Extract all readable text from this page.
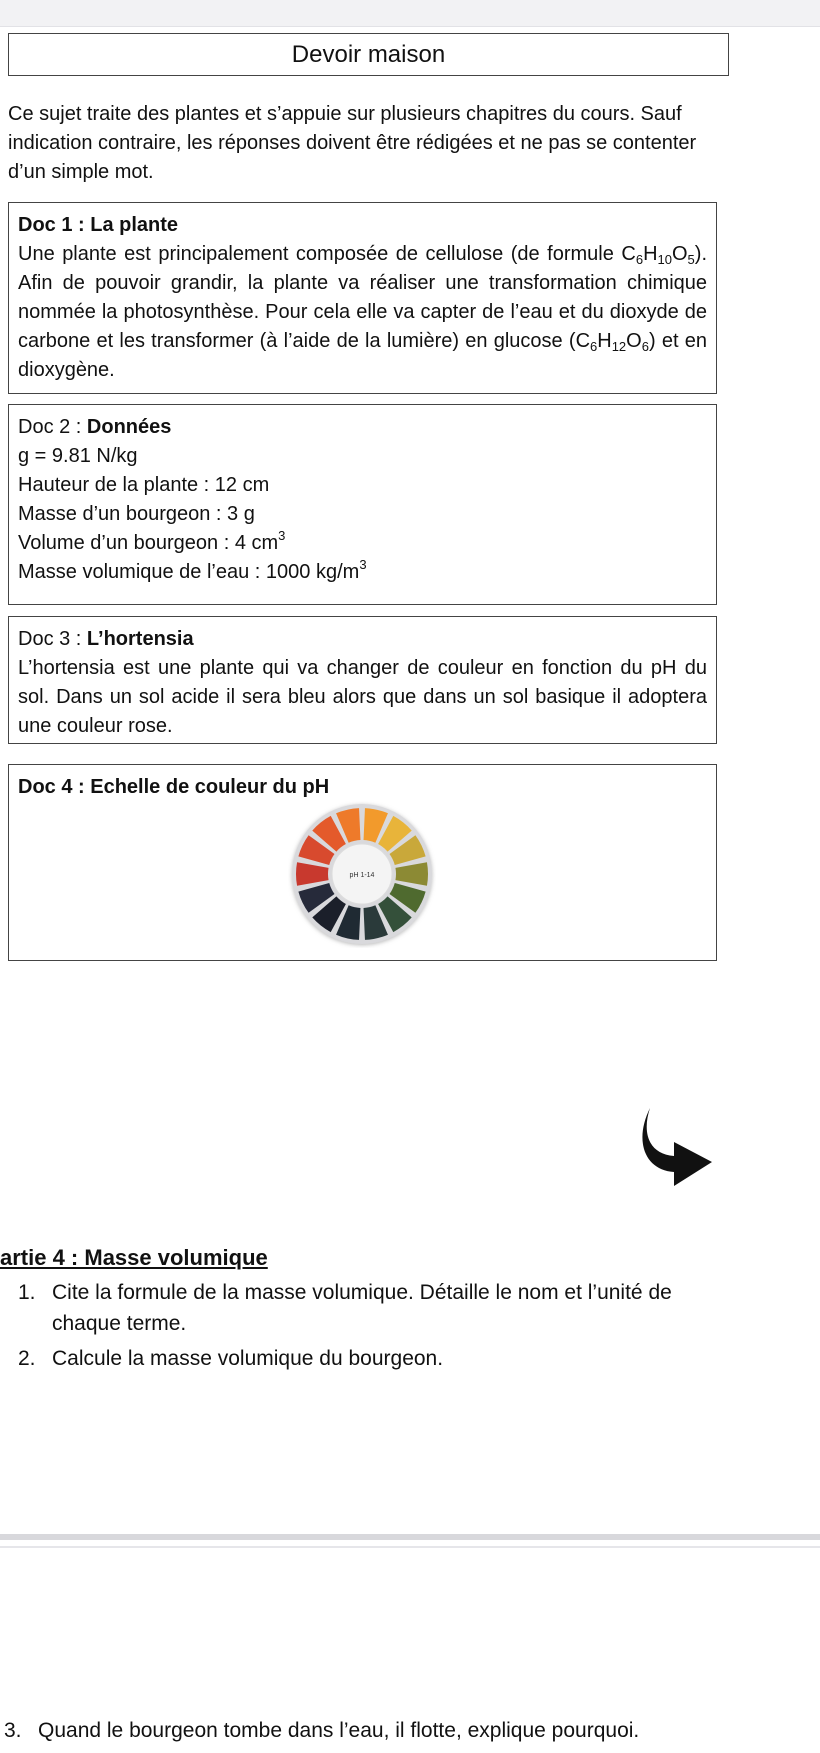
Devoir maison

Ce sujet traite des plantes et s’appuie sur plusieurs chapitres du cours. Sauf indication contraire, les réponses doivent être rédigées et ne pas se contenter d’un simple mot.

Doc 1 : La plante

Une plante est principalement composée de cellulose (de formule $C_6H_{10}O_5$). Afin de pouvoir grandir, la plante va réaliser une transformation chimique nommée la photosynthèse. Pour cela elle va capter de l’eau et du dioxyde de carbone et les transformer (à l’aide de la lumière) en glucose $(C_6H_{12}O_6)$ et en dioxygène.

Doc 2 : Données

g = 9.81 N/kg

Hauteur de la plante : 12 cm

Masse d’un bourgeon : 3 g

Volume d’un bourgeon : 4 $cm^3$

Masse volumique de l’eau : 1000 $kg/m^3$

Doc 3 : L’hortensia

L’hortensia est une plante qui va changer de couleur en fonction du pH du sol. Dans un sol acide il sera bleu alors que dans un sol basique il adoptera une couleur rose.

Doc 4 : Echelle de couleur du pH

pH 1-14

artie 4 : Masse volumique

1. Cite la formule de la masse volumique. Détaille le nom et l’unité de
chaque terme.

2. Calcule la masse volumique du bourgeon.

3. Quand le bourgeon tombe dans l’eau, il flotte, explique pourquoi.
